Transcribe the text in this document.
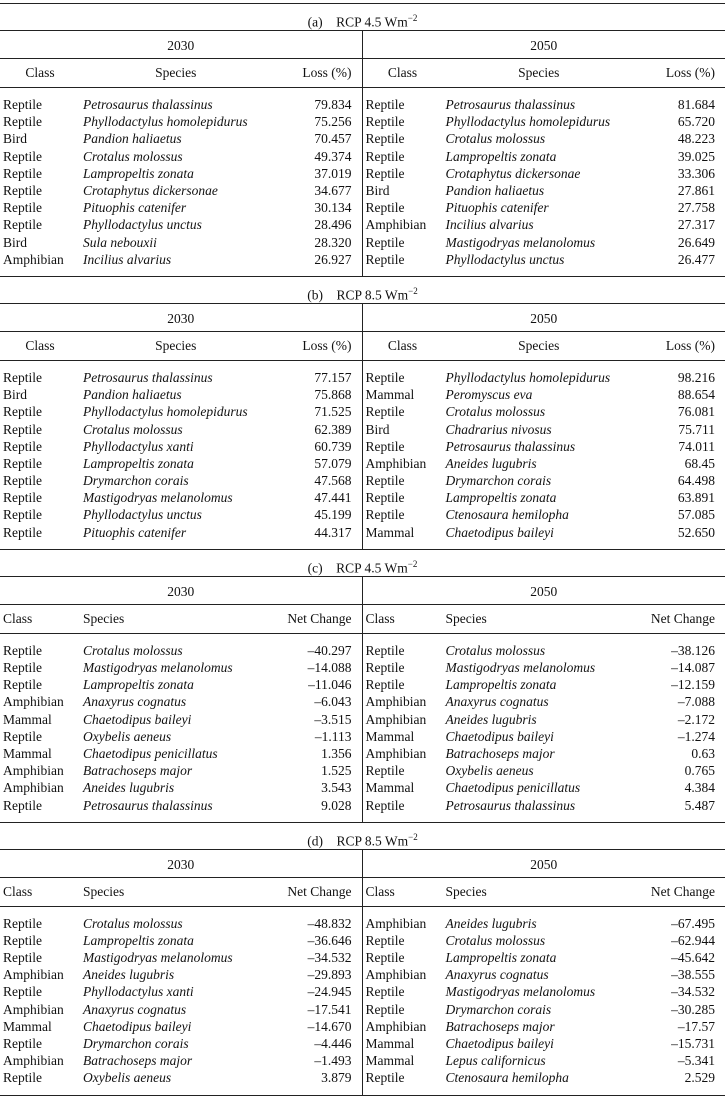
(a)  RCP 4.5 $Wm^{-2}$
2030
Class	Species	Loss (%)
Reptile	Petrosaurus thalassinus	79.834
Reptile	Phyllodactylus homolepidurus	75.256
Bird	Pandion haliaetus	70.457
Reptile	Crotalus molossus	49.374
Reptile	Lampropeltis zonata	37.019
Reptile	Crotaphytus dickersonae	34.677
Reptile	Pituophis catenifer	30.134
Reptile	Phyllodactylus unctus	28.496
Bird	Sula nebouxii	28.320
Amphibian	Incilius alvarius	26.927
2050
Class	Species	Loss (%)
Reptile	Petrosaurus thalassinus	81.684
Reptile	Phyllodactylus homolepidurus	65.720
Reptile	Crotalus molossus	48.223
Reptile	Lampropeltis zonata	39.025
Reptile	Crotaphytus dickersonae	33.306
Bird	Pandion haliaetus	27.861
Reptile	Pituophis catenifer	27.758
Amphibian	Incilius alvarius	27.317
Reptile	Mastigodryas melanolomus	26.649
Reptile	Phyllodactylus unctus	26.477
(b)  RCP 8.5 $Wm^{-2}$
2030
Class	Species	Loss (%)
Reptile	Petrosaurus thalassinus	77.157
Bird	Pandion haliaetus	75.868
Reptile	Phyllodactylus homolepidurus	71.525
Reptile	Crotalus molossus	62.389
Reptile	Phyllodactylus xanti	60.739
Reptile	Lampropeltis zonata	57.079
Reptile	Drymarchon corais	47.568
Reptile	Mastigodryas melanolomus	47.441
Reptile	Phyllodactylus unctus	45.199
Reptile	Pituophis catenifer	44.317
2050
Class	Species	Loss (%)
Reptile	Phyllodactylus homolepidurus	98.216
Mammal	Peromyscus eva	88.654
Reptile	Crotalus molossus	76.081
Bird	Chadrarius nivosus	75.711
Reptile	Petrosaurus thalassinus	74.011
Amphibian	Aneides lugubris	68.45
Reptile	Drymarchon corais	64.498
Reptile	Lampropeltis zonata	63.891
Reptile	Ctenosaura hemilopha	57.085
Mammal	Chaetodipus baileyi	52.650
(c)  RCP 4.5 $Wm^{-2}$
2030
Class	Species	Net Change
Reptile	Crotalus molossus	–40.297
Reptile	Mastigodryas melanolomus	–14.088
Reptile	Lampropeltis zonata	–11.046
Amphibian	Anaxyrus cognatus	–6.043
Mammal	Chaetodipus baileyi	–3.515
Reptile	Oxybelis aeneus	–1.113
Mammal	Chaetodipus penicillatus	1.356
Amphibian	Batrachoseps major	1.525
Amphibian	Aneides lugubris	3.543
Reptile	Petrosaurus thalassinus	9.028
2050
Class	Species	Net Change
Reptile	Crotalus molossus	–38.126
Reptile	Mastigodryas melanolomus	–14.087
Reptile	Lampropeltis zonata	–12.159
Amphibian	Anaxyrus cognatus	–7.088
Amphibian	Aneides lugubris	–2.172
Mammal	Chaetodipus baileyi	–1.274
Amphibian	Batrachoseps major	0.63
Reptile	Oxybelis aeneus	0.765
Mammal	Chaetodipus penicillatus	4.384
Reptile	Petrosaurus thalassinus	5.487
(d)  RCP 8.5 $Wm^{-2}$
2030
Class	Species	Net Change
Reptile	Crotalus molossus	–48.832
Reptile	Lampropeltis zonata	–36.646
Reptile	Mastigodryas melanolomus	–34.532
Amphibian	Aneides lugubris	–29.893
Reptile	Phyllodactylus xanti	–24.945
Amphibian	Anaxyrus cognatus	–17.541
Mammal	Chaetodipus baileyi	–14.670
Reptile	Drymarchon corais	–4.446
Amphibian	Batrachoseps major	–1.493
Reptile	Oxybelis aeneus	3.879
2050
Class	Species	Net Change
Amphibian	Aneides lugubris	–67.495
Reptile	Crotalus molossus	–62.944
Reptile	Lampropeltis zonata	–45.642
Amphibian	Anaxyrus cognatus	–38.555
Reptile	Mastigodryas melanolomus	–34.532
Reptile	Drymarchon corais	–30.285
Amphibian	Batrachoseps major	–17.57
Mammal	Chaetodipus baileyi	–15.731
Mammal	Lepus californicus	–5.341
Reptile	Ctenosaura hemilopha	2.529
